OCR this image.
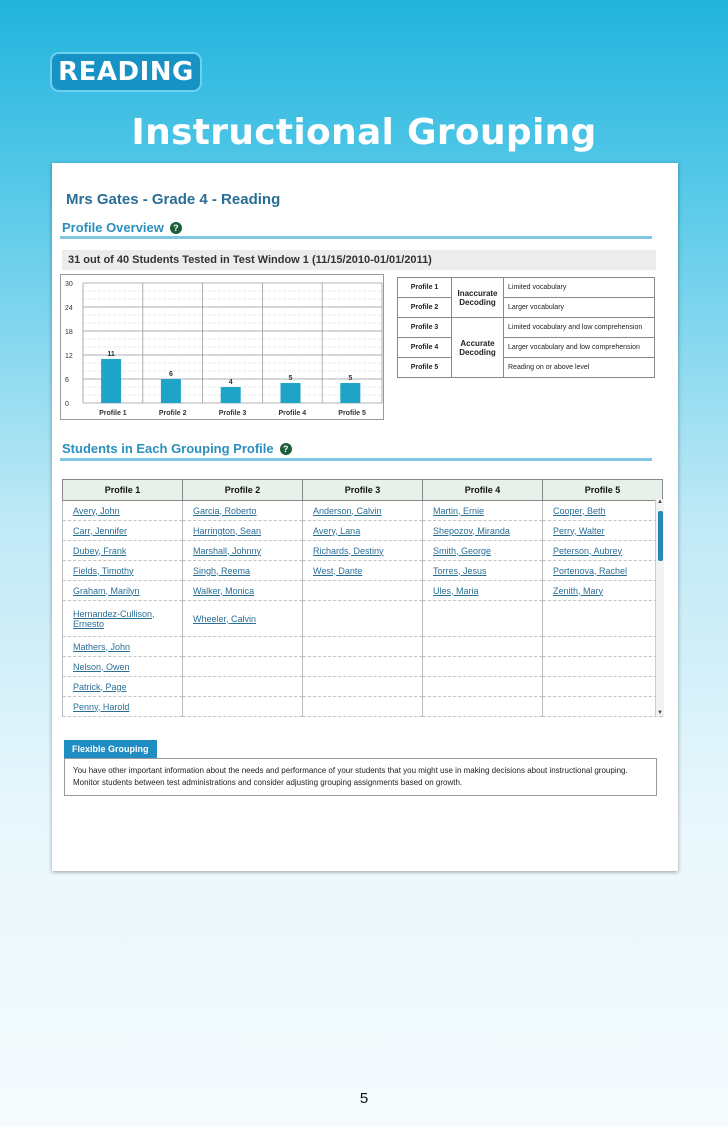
READING
Instructional Grouping
Mrs Gates - Grade 4 - Reading
Profile Overview	?
31 out of 40 Students Tested in Test Window 1 (11/15/2010-01/01/2011)
0
6
12
18
24
30
11
Profile 1
6
Profile 2
4
Profile 3
5
Profile 4
5
Profile 5
Profile 1	Inaccurate Decoding	Limited vocabulary
Profile 2		Larger vocabulary
Profile 3	Accurate Decoding	Limited vocabulary and low comprehension
Profile 4		Larger vocabulary and low comprehension
Profile 5		Reading on or above level
Students in Each Grouping Profile	?
Profile 1	Profile 2	Profile 3	Profile 4	Profile 5
Avery, John	Garcia, Roberto	Anderson, Calvin	Martin, Ernie	Cooper, Beth
Carr, Jennifer	Harrington, Sean	Avery, Lana	Shepozov, Miranda	Perry, Walter
Dubey, Frank	Marshall, Johnny	Richards, Destiny	Smith, George	Peterson, Aubrey
Fields, Timothy	Singh, Reema	West, Dante	Torres, Jesus	Portenova, Rachel
Graham, Marilyn	Walker, Monica		Ules, Maria	Zenith, Mary
Hernandez-Cullison, Ernesto	Wheeler, Calvin			
Mathers, John				
Nelson, Owen				
Patrick, Page				
Penny, Harold				
▲
▼
Flexible Grouping
You have other important information about the needs and performance of your students that you might use in making decisions about instructional grouping. Monitor students between test administrations and consider adjusting grouping assignments based on growth.
5
